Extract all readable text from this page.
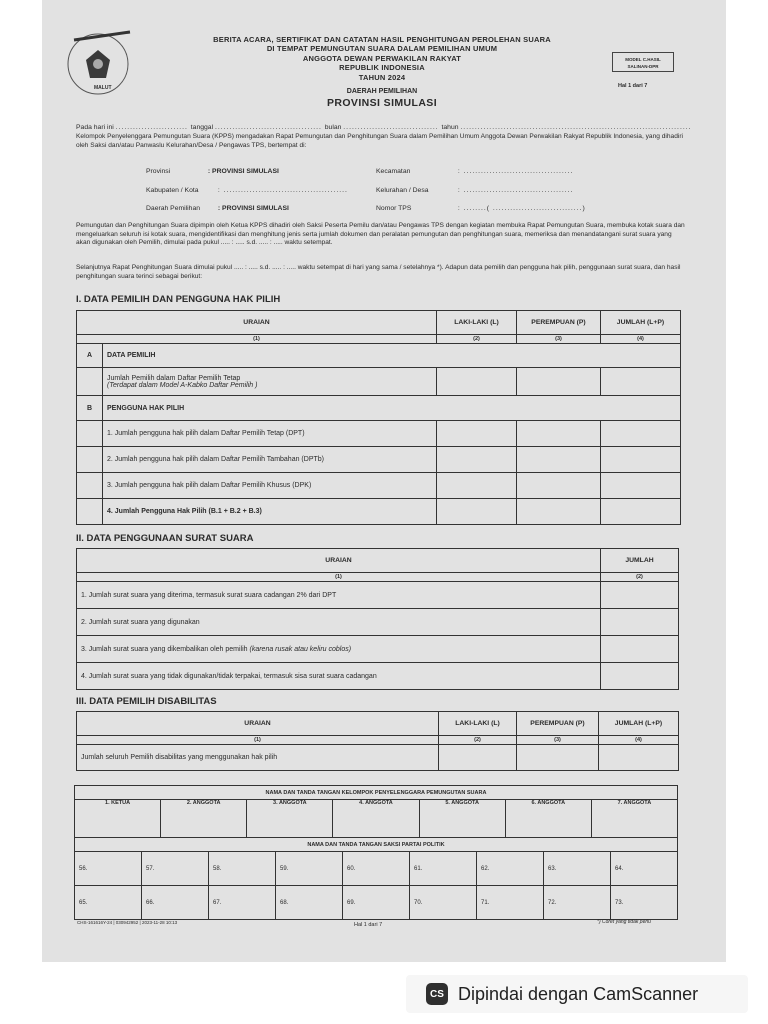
MALUT
BERITA ACARA, SERTIFIKAT DAN CATATAN HASIL PENGHITUNGAN PEROLEHAN SUARA
DI TEMPAT PEMUNGUTAN SUARA DALAM PEMILIHAN UMUM
ANGGOTA DEWAN PERWAKILAN RAKYAT
REPUBLIK INDONESIA
TAHUN 2024
DAERAH PEMILIHAN
PROVINSI SIMULASI
MODEL C.HASIL
SALINAN-DPR
Hal 1 dari 7
Pada hari ini ......................... tanggal ..................................... bulan ................................. tahun ................................................................................
Kelompok Penyelenggara Pemungutan Suara (KPPS) mengadakan Rapat Pemungutan dan Penghitungan Suara dalam Pemilihan Umum Anggota Dewan Perwakilan Rakyat Republik Indonesia, yang dihadiri oleh Saksi dan/atau Panwaslu Kelurahan/Desa / Pengawas TPS, bertempat di:
Provinsi	: PROVINSI SIMULASI
Kabupaten / Kota	: ...........................................
Daerah Pemilihan	: PROVINSI SIMULASI
Kecamatan	: ......................................
Kelurahan / Desa	: ......................................
Nomor TPS	: ........( ...............................)
Pemungutan dan Penghitungan Suara dipimpin oleh Ketua KPPS dihadiri oleh Saksi Peserta Pemilu dan/atau Pengawas TPS dengan kegiatan membuka Rapat Pemungutan Suara, membuka kotak suara dan mengeluarkan seluruh isi kotak suara, mengidentifikasi dan menghitung jenis serta jumlah dokumen dan peralatan pemungutan dan penghitungan suara, memeriksa dan menandatangani surat suara yang akan digunakan oleh Pemilih, dimulai pada pukul ..... : ..... s.d. ..... : ..... waktu setempat.
Selanjutnya Rapat Penghitungan Suara dimulai pukul ..... : ..... s.d. ..... : ..... waktu setempat di hari yang sama / setelahnya *). Adapun data pemilih dan pengguna hak pilih, penggunaan surat suara, dan hasil penghitungan suara terinci sebagai berikut:
I. DATA PEMILIH DAN PENGGUNA HAK PILIH
URAIAN		LAKI-LAKI (L)	PEREMPUAN (P)	JUMLAH (L+P)
(1)		(2)	(3)	(4)
A	DATA PEMILIH			

	Jumlah Pemilih dalam Daftar Pemilih Tetap
(Terdapat dalam Model A-Kabko Daftar Pemilih )			

B	PENGGUNA HAK PILIH			
	1. Jumlah pengguna hak pilih dalam Daftar Pemilih Tetap (DPT)	

	2. Jumlah pengguna hak pilih dalam Daftar Pemilih Tambahan (DPTb)	

	3. Jumlah pengguna hak pilih dalam Daftar Pemilih Khusus (DPK)	

	4. Jumlah Pengguna Hak Pilih (B.1 + B.2 + B.3)	

II. DATA PENGGUNAAN SURAT SUARA
URAIAN	JUMLAH
(1)	(2)
1. Jumlah surat suara yang diterima, termasuk surat suara cadangan 2% dari DPT	

2. Jumlah surat suara yang digunakan	

3. Jumlah surat suara yang dikembalikan oleh pemilih (karena rusak atau keliru coblos)	

4. Jumlah surat suara yang tidak digunakan/tidak terpakai, termasuk sisa surat suara cadangan	
III. DATA PEMILIH DISABILITAS
URAIAN	LAKI-LAKI (L)	PEREMPUAN (P)	JUMLAH (L+P)
(1)	(2)	(3)	(4)
Jumlah seluruh Pemilih disabilitas yang menggunakan hak pilih	

NAMA DAN TANDA TANGAN KELOMPOK PENYELENGGARA PEMUNGUTAN SUARA
1. KETUA	2. ANGGOTA	3. ANGGOTA	4. ANGGOTA	5. ANGGOTA	6. ANGGOTA	7. ANGGOTA
NAMA DAN TANDA TANGAN SAKSI PARTAI POLITIK
56.	57.	58.	59.	60.	61.	62.	63.	64.
65.	66.	67.	68.	69.	70.	71.	72.	73.
CHS-161616Y-24 | 030942952 | 2023-11-28 10:13	Hal 1 dari 7	*) Coret yang tidak perlu
CS Dipindai dengan CamScanner
